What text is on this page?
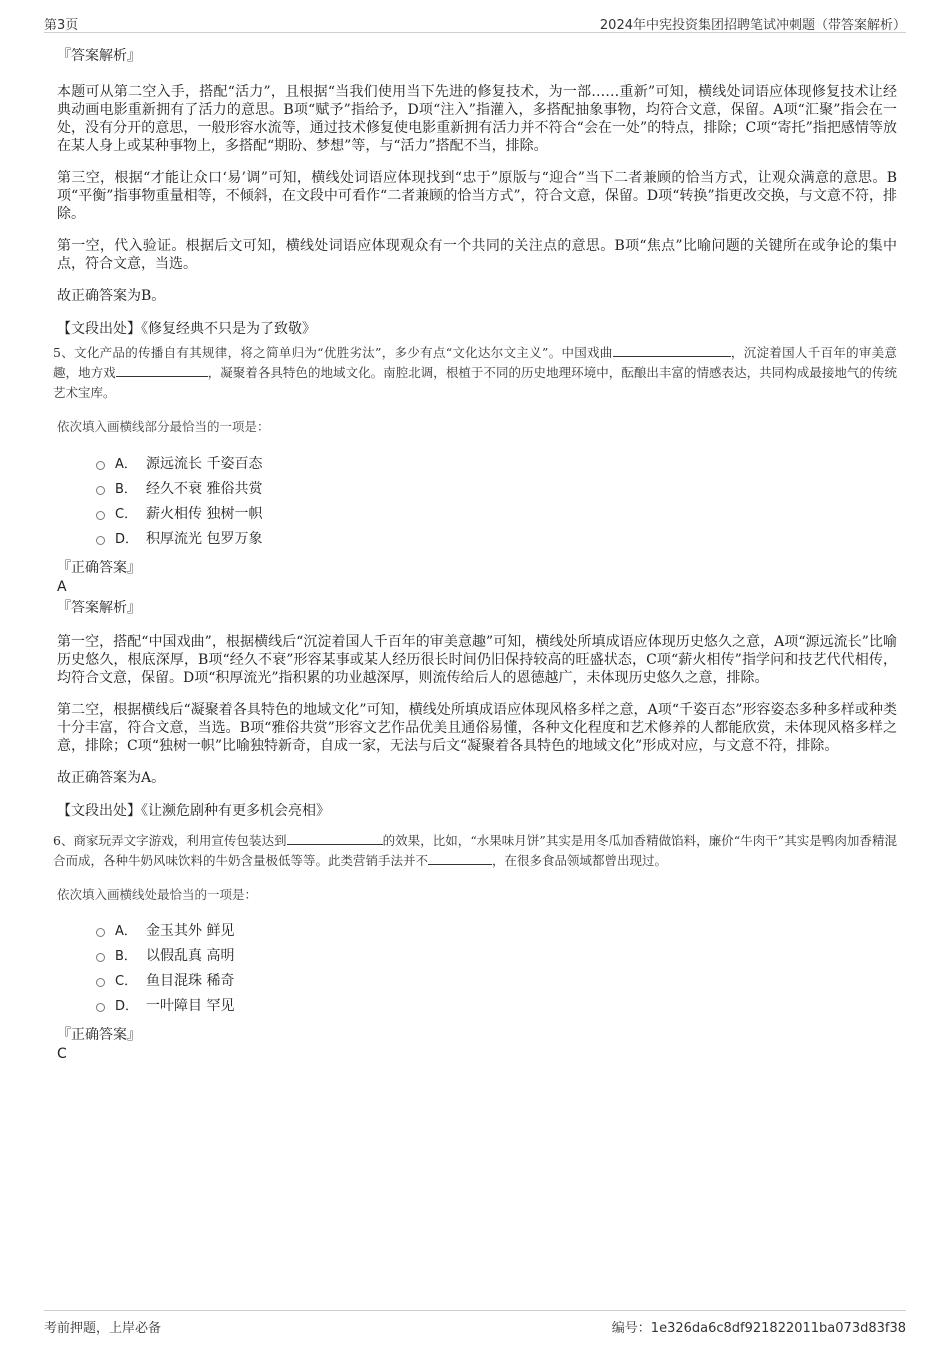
第3页	2024年中宪投资集团招聘笔试冲刺题（带答案解析）

『答案解析』

本题可从第二空入手，搭配“活力”，且根据“当我们使用当下先进的修复技术，为一部……重新”可知，横线处词语应体现修复技术让经典动画电影重新拥有了活力的意思。B项“赋予”指给予，D项“注入”指灌入，多搭配抽象事物，均符合文意，保留。A项“汇聚”指会在一处，没有分开的意思，一般形容水流等，通过技术修复使电影重新拥有活力并不符合“会在一处”的特点，排除；C项“寄托”指把感情等放在某人身上或某种事物上，多搭配“期盼、梦想”等，与“活力”搭配不当，排除。

第三空，根据“才能让众口‘易’调”可知，横线处词语应体现找到“忠于”原版与“迎合”当下二者兼顾的恰当方式，让观众满意的意思。B项“平衡”指事物重量相等，不倾斜，在文段中可看作“二者兼顾的恰当方式”，符合文意，保留。D项“转换”指更改交换，与文意不符，排除。

第一空，代入验证。根据后文可知，横线处词语应体现观众有一个共同的关注点的意思。B项“焦点”比喻问题的关键所在或争论的集中点，符合文意，当选。

故正确答案为B。

【文段出处】《修复经典不只是为了致敬》

5、文化产品的传播自有其规律，将之简单归为“优胜劣汰”，多少有点“文化达尔文主义”。中国戏曲	，沉淀着国人千百年的审美意趣，地方戏	，凝聚着各具特色的地域文化。南腔北调，根植于不同的历史地理环境中，酝酿出丰富的情感表达，共同构成最接地气的传统艺术宝库。

依次填入画横线部分最恰当的一项是：

A． 源远流长 千姿百态
B． 经久不衰 雅俗共赏
C． 薪火相传 独树一帜
D． 积厚流光 包罗万象

『正确答案』

A

『答案解析』

第一空，搭配“中国戏曲”，根据横线后“沉淀着国人千百年的审美意趣”可知，横线处所填成语应体现历史悠久之意，A项“源远流长”比喻历史悠久，根底深厚，B项“经久不衰”形容某事或某人经历很长时间仍旧保持较高的旺盛状态，C项“薪火相传”指学问和技艺代代相传，均符合文意，保留。D项“积厚流光”指积累的功业越深厚，则流传给后人的恩德越广，未体现历史悠久之意，排除。

第二空，根据横线后“凝聚着各具特色的地域文化”可知，横线处所填成语应体现风格多样之意，A项“千姿百态”形容姿态多种多样或种类十分丰富，符合文意，当选。B项“雅俗共赏”形容文艺作品优美且通俗易懂，各种文化程度和艺术修养的人都能欣赏，未体现风格多样之意，排除；C项“独树一帜”比喻独特新奇，自成一家，无法与后文“凝聚着各具特色的地域文化”形成对应，与文意不符，排除。

故正确答案为A。

【文段出处】《让濒危剧种有更多机会亮相》

6、商家玩弄文字游戏，利用宣传包装达到	的效果，比如，“水果味月饼”其实是用冬瓜加香精做馅料，廉价“牛肉干”其实是鸭肉加香精混合而成，各种牛奶风味饮料的牛奶含量极低等等。此类营销手法并不	，在很多食品领域都曾出现过。

依次填入画横线处最恰当的一项是：

A． 金玉其外 鲜见
B． 以假乱真 高明
C． 鱼目混珠 稀奇
D． 一叶障目 罕见

『正确答案』

C

考前押题，上岸必备	编号：1e326da6c8df921822011ba073d83f38
